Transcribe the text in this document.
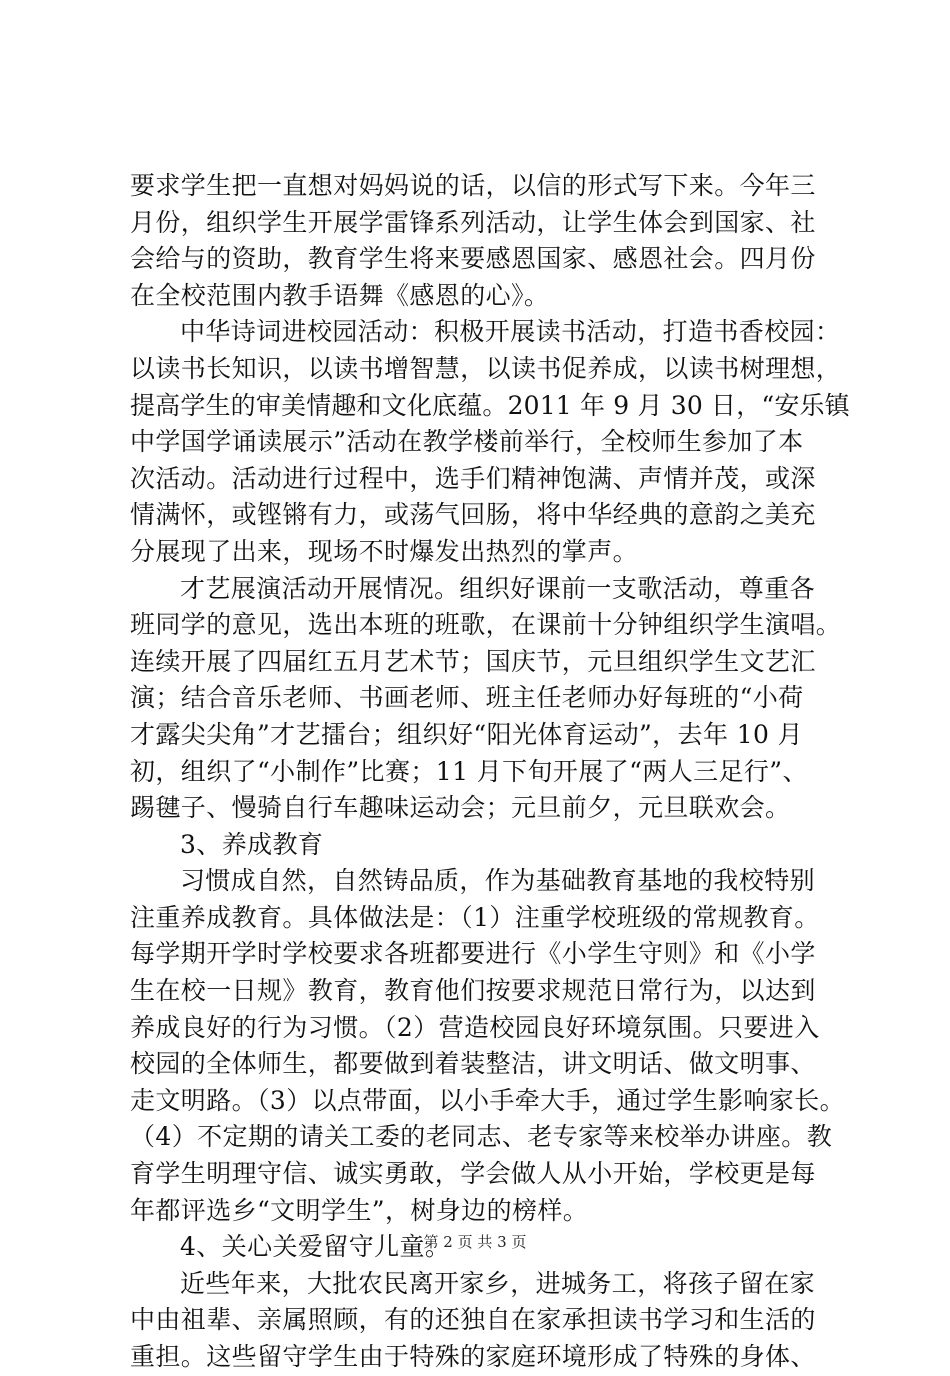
要求学生把一直想对妈妈说的话，以信的形式写下来。今年三
月份，组织学生开展学雷锋系列活动，让学生体会到国家、社
会给与的资助，教育学生将来要感恩国家、感恩社会。四月份
在全校范围内教手语舞《感恩的心》。
中华诗词进校园活动：积极开展读书活动，打造书香校园：
以读书长知识，以读书增智慧，以读书促养成，以读书树理想，
提高学生的审美情趣和文化底蕴。2011 年 9 月 30 日，“安乐镇
中学国学诵读展示”活动在教学楼前举行，全校师生参加了本
次活动。活动进行过程中，选手们精神饱满、声情并茂，或深
情满怀，或铿锵有力，或荡气回肠，将中华经典的意韵之美充
分展现了出来，现场不时爆发出热烈的掌声。
才艺展演活动开展情况。组织好课前一支歌活动，尊重各
班同学的意见，选出本班的班歌，在课前十分钟组织学生演唱。
连续开展了四届红五月艺术节；国庆节，元旦组织学生文艺汇
演；结合音乐老师、书画老师、班主任老师办好每班的“小荷
才露尖尖角”才艺擂台；组织好“阳光体育运动”，去年 10 月
初，组织了“小制作”比赛；11 月下旬开展了“两人三足行”、
踢毽子、慢骑自行车趣味运动会；元旦前夕，元旦联欢会。
3、养成教育
习惯成自然，自然铸品质，作为基础教育基地的我校特别
注重养成教育。具体做法是：（1）注重学校班级的常规教育。
每学期开学时学校要求各班都要进行《小学生守则》和《小学
生在校一日规》教育，教育他们按要求规范日常行为，以达到
养成良好的行为习惯。（2）营造校园良好环境氛围。只要进入
校园的全体师生，都要做到着装整洁，讲文明话、做文明事、
走文明路。（3）以点带面，以小手牵大手，通过学生影响家长。
（4）不定期的请关工委的老同志、老专家等来校举办讲座。教
育学生明理守信、诚实勇敢，学会做人从小开始，学校更是每
年都评选乡“文明学生”，树身边的榜样。
4、关心关爱留守儿童。
近些年来，大批农民离开家乡，进城务工，将孩子留在家
中由祖辈、亲属照顾，有的还独自在家承担读书学习和生活的
重担。这些留守学生由于特殊的家庭环境形成了特殊的身体、
第 2 页 共 3 页
